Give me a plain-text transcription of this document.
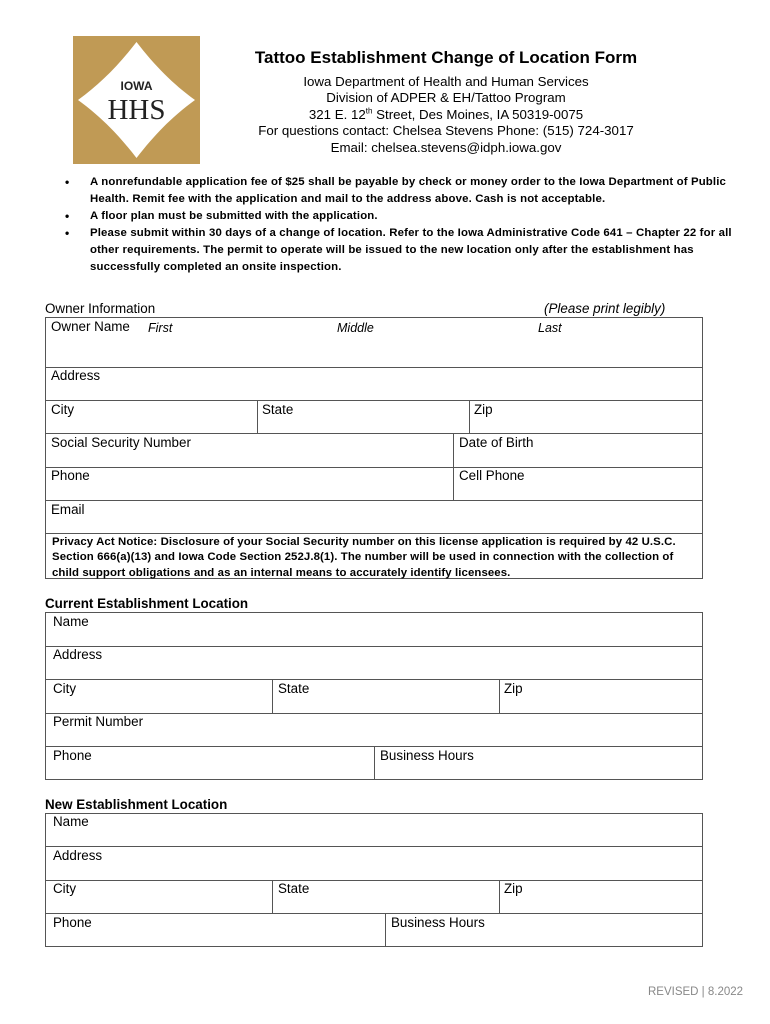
IOWA
HHS
Tattoo Establishment Change of Location Form
Iowa Department of Health and Human Services
Division of ADPER & EH/Tattoo Program
321 E. 12th Street, Des Moines, IA 50319-0075
For questions contact: Chelsea Stevens Phone: (515) 724-3017
Email: chelsea.stevens@idph.iowa.gov
• A nonrefundable application fee of $25 shall be payable by check or money order to the Iowa Department of Public Health. Remit fee with the application and mail to the address above. Cash is not acceptable.
• A floor plan must be submitted with the application.
• Please submit within 30 days of a change of location. Refer to the Iowa Administrative Code 641 – Chapter 22 for all other requirements. The permit to operate will be issued to the new location only after the establishment has successfully completed an onsite inspection.
Owner Information	(Please print legibly)
Owner Name First	Middle	Last
Address
City	State	Zip
Social Security Number	Date of Birth
Phone	Cell Phone
Email
Privacy Act Notice: Disclosure of your Social Security number on this license application is required by 42 U.S.C. Section 666(a)(13) and Iowa Code Section 252J.8(1). The number will be used in connection with the collection of child support obligations and as an internal means to accurately identify licensees.
Current Establishment Location
Name
Address
City	State	Zip
Permit Number
Phone	Business Hours
New Establishment Location
Name
Address
City	State	Zip
Phone	Business Hours
REVISED | 8.2022
